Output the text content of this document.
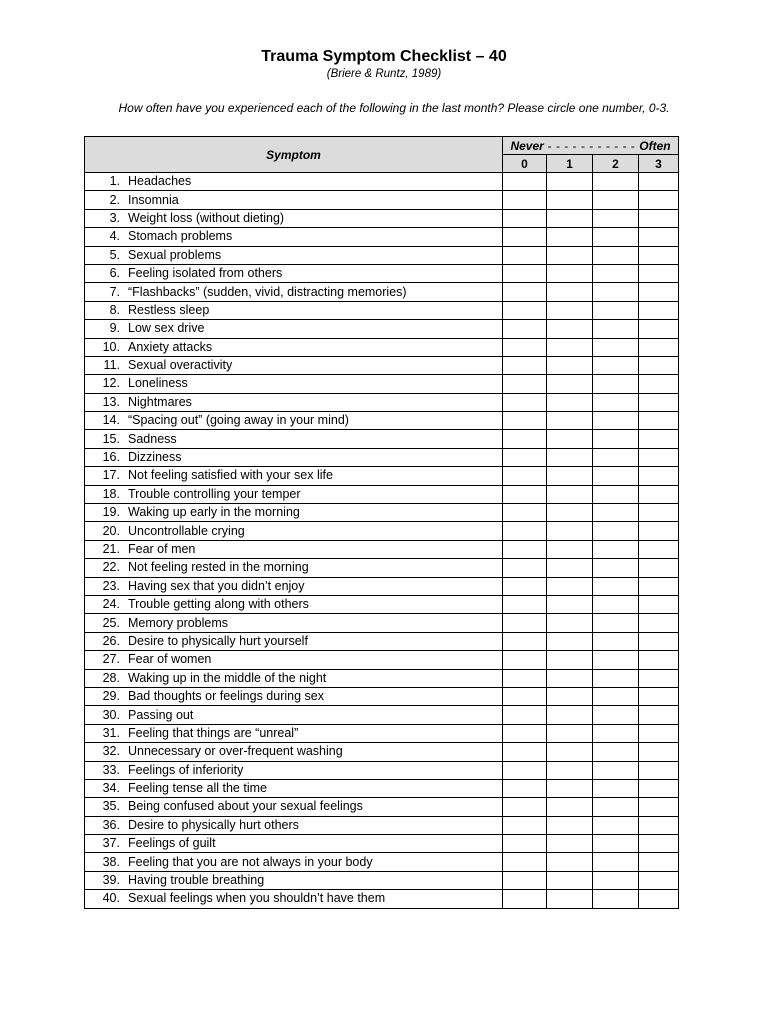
Trauma Symptom Checklist – 40
(Briere & Runtz, 1989)
How often have you experienced each of the following in the last month? Please circle one number, 0-3.
Symptom	Never - - - - - - - - - - - Often			
	0	1	2	3
1. Headaches				
2. Insomnia				
3. Weight loss (without dieting)				
4. Stomach problems				
5. Sexual problems				
6. Feeling isolated from others				
7. “Flashbacks” (sudden, vivid, distracting memories)				
8. Restless sleep				
9. Low sex drive				
10. Anxiety attacks				
11. Sexual overactivity				
12. Loneliness				
13. Nightmares				
14. “Spacing out” (going away in your mind)				
15. Sadness				
16. Dizziness				
17. Not feeling satisfied with your sex life				
18. Trouble controlling your temper				
19. Waking up early in the morning				
20. Uncontrollable crying				
21. Fear of men				
22. Not feeling rested in the morning				
23. Having sex that you didn’t enjoy				
24. Trouble getting along with others				
25. Memory problems				
26. Desire to physically hurt yourself				
27. Fear of women				
28. Waking up in the middle of the night				
29. Bad thoughts or feelings during sex				
30. Passing out				
31. Feeling that things are “unreal”				
32. Unnecessary or over-frequent washing				
33. Feelings of inferiority				
34. Feeling tense all the time				
35. Being confused about your sexual feelings				
36. Desire to physically hurt others				
37. Feelings of guilt				
38. Feeling that you are not always in your body				
39. Having trouble breathing				
40. Sexual feelings when you shouldn’t have them				
